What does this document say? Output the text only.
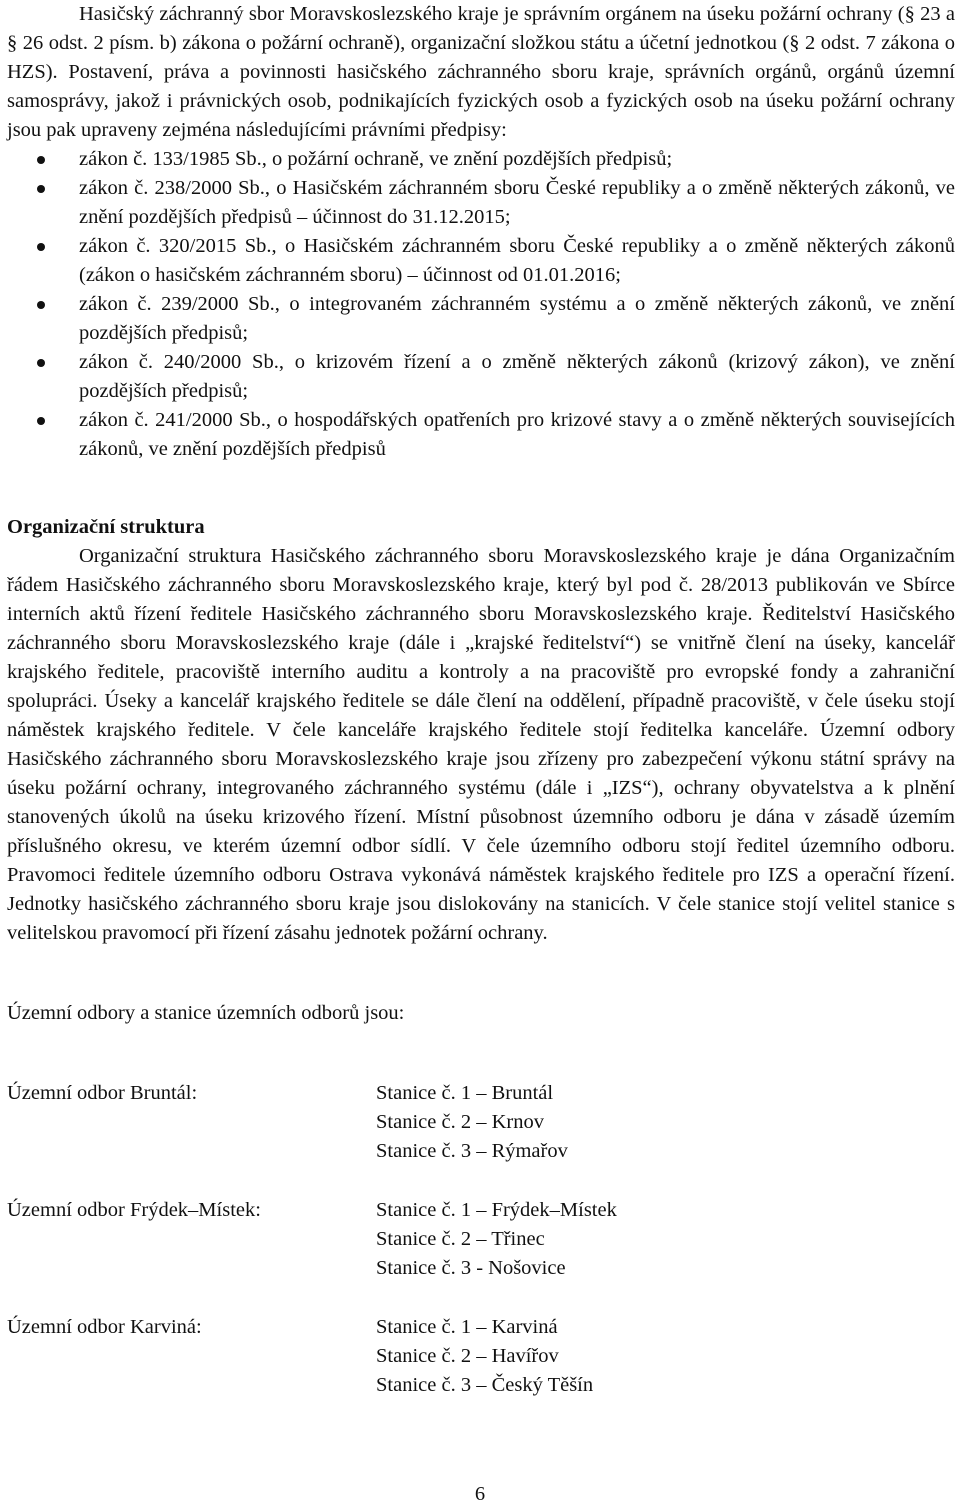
Hasičský záchranný sbor Moravskoslezského kraje je správním orgánem na úseku požární ochrany (§ 23 a § 26 odst. 2 písm. b) zákona o požární ochraně), organizační složkou státu a účetní jednotkou (§ 2 odst. 7 zákona o HZS). Postavení, práva a povinnosti hasičského záchranného sboru kraje, správních orgánů, orgánů územní samosprávy, jakož i právnických osob, podnikajících fyzických osob a fyzických osob na úseku požární ochrany jsou pak upraveny zejména následujícími právními předpisy:

zákon č. 133/1985 Sb., o požární ochraně, ve znění pozdějších předpisů;
zákon č. 238/2000 Sb., o Hasičském záchranném sboru České republiky a o změně některých zákonů, ve znění pozdějších předpisů – účinnost do 31.12.2015;
zákon č. 320/2015 Sb., o Hasičském záchranném sboru České republiky a o změně některých zákonů (zákon o hasičském záchranném sboru) – účinnost od 01.01.2016;
zákon č. 239/2000 Sb., o integrovaném záchranném systému a o změně některých zákonů, ve znění pozdějších předpisů;
zákon č. 240/2000 Sb., o krizovém řízení a o změně některých zákonů (krizový zákon), ve znění pozdějších předpisů;
zákon č. 241/2000 Sb., o hospodářských opatřeních pro krizové stavy a o změně některých souvisejících zákonů, ve znění pozdějších předpisů

Organizační struktura

Organizační struktura Hasičského záchranného sboru Moravskoslezského kraje je dána Organizačním řádem Hasičského záchranného sboru Moravskoslezského kraje, který byl pod č. 28/2013 publikován ve Sbírce interních aktů řízení ředitele Hasičského záchranného sboru Moravskoslezského kraje. Ředitelství Hasičského záchranného sboru Moravskoslezského kraje (dále i „krajské ředitelství“) se vnitřně člení na úseky, kancelář krajského ředitele, pracoviště interního auditu a kontroly a na pracoviště pro evropské fondy a zahraniční spolupráci. Úseky a kancelář krajského ředitele se dále člení na oddělení, případně pracoviště, v čele úseku stojí náměstek krajského ředitele. V čele kanceláře krajského ředitele stojí ředitelka kanceláře. Územní odbory Hasičského záchranného sboru Moravskoslezského kraje jsou zřízeny pro zabezpečení výkonu státní správy na úseku požární ochrany, integrovaného záchranného systému (dále i „IZS“), ochrany obyvatelstva a k plnění stanovených úkolů na úseku krizového řízení. Místní působnost územního odboru je dána v zásadě územím příslušného okresu, ve kterém územní odbor sídlí. V čele územního odboru stojí ředitel územního odboru. Pravomoci ředitele územního odboru Ostrava vykonává náměstek krajského ředitele pro IZS a operační řízení. Jednotky hasičského záchranného sboru kraje jsou dislokovány na stanicích. V čele stanice stojí velitel stanice s velitelskou pravomocí při řízení zásahu jednotek požární ochrany.

Územní odbory a stanice územních odborů jsou:

Územní odbor Bruntál:	Stanice č. 1 – Bruntál
Stanice č. 2 – Krnov
Stanice č. 3 – Rýmařov
Územní odbor Frýdek–Místek:	Stanice č. 1 – Frýdek–Místek
Stanice č. 2 – Třinec
Stanice č. 3 - Nošovice
Územní odbor Karviná:	Stanice č. 1 – Karviná
Stanice č. 2 – Havířov
Stanice č. 3 – Český Těšín
6
